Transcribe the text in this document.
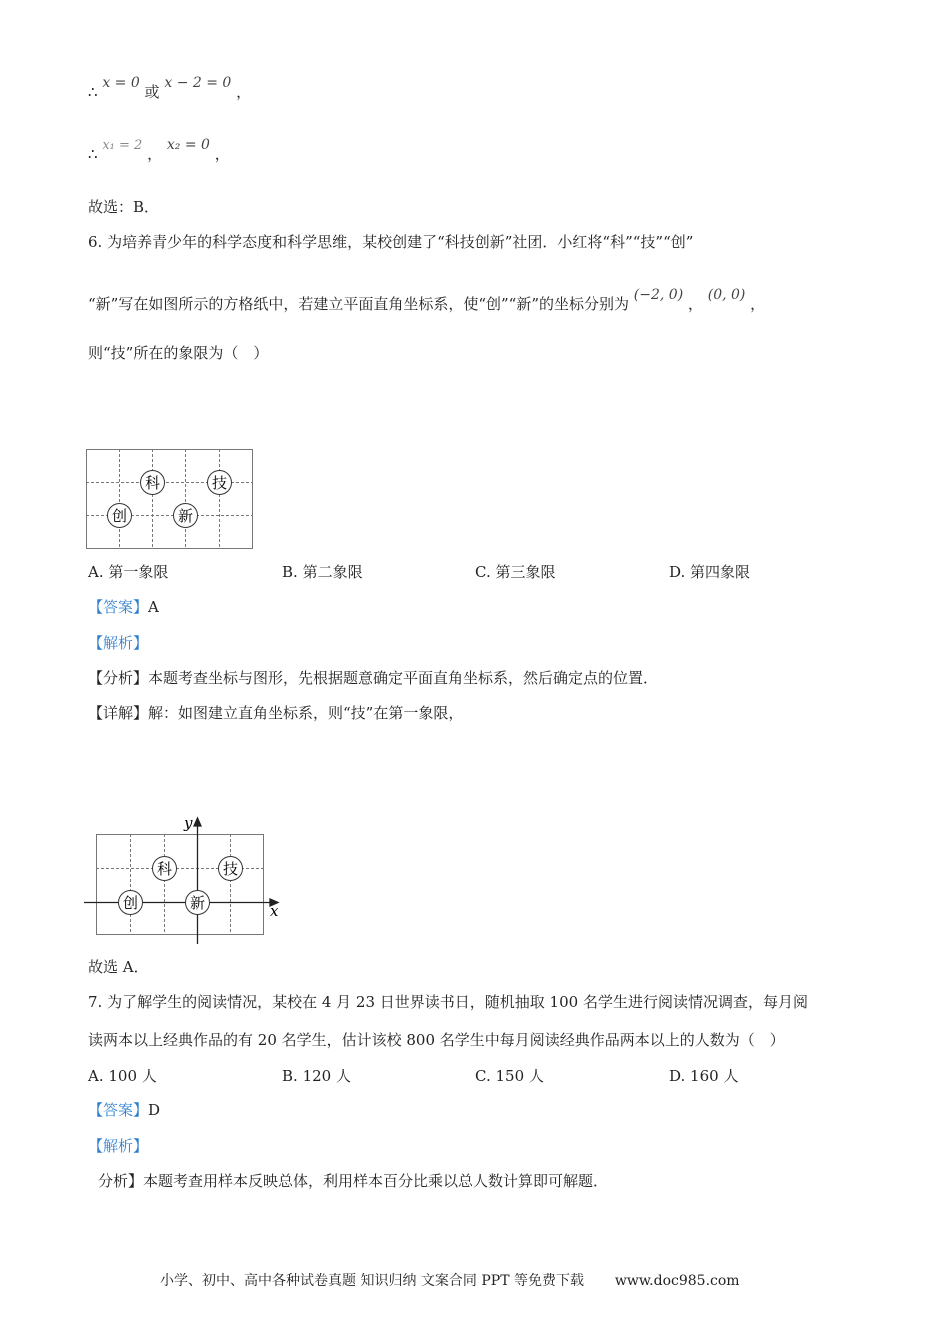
∴ x = 0 或 x − 2 = 0 ，
∴ x₁ = 2 ， x₂ = 0 ，
故选：B．
6. 为培养青少年的科学态度和科学思维，某校创建了“科技创新”社团．小红将“科”“技”“创”
“新”写在如图所示的方格纸中，若建立平面直角坐标系，使“创”“新”的坐标分别为 (−2, 0) ， (0, 0) ，
则“技”所在的象限为（　）
科	技
创	新
A. 第一象限	B. 第二象限	C. 第三象限	D. 第四象限
【答案】A
【解析】
【分析】本题考查坐标与图形，先根据题意确定平面直角坐标系，然后确定点的位置．
【详解】解：如图建立直角坐标系，则“技”在第一象限，
x
y
科	技
创	新
故选 A．
7. 为了解学生的阅读情况，某校在 4 月 23 日世界读书日，随机抽取 100 名学生进行阅读情况调查，每月阅
读两本以上经典作品的有 20 名学生，估计该校 800 名学生中每月阅读经典作品两本以上的人数为（　）
A. 100 人	B. 120 人	C. 150 人	D. 160 人
【答案】D
【解析】
分析】本题考查用样本反映总体，利用样本百分比乘以总人数计算即可解题．
小学、初中、高中各种试卷真题 知识归纳 文案合同 PPT 等免费下载 www.doc985.com
